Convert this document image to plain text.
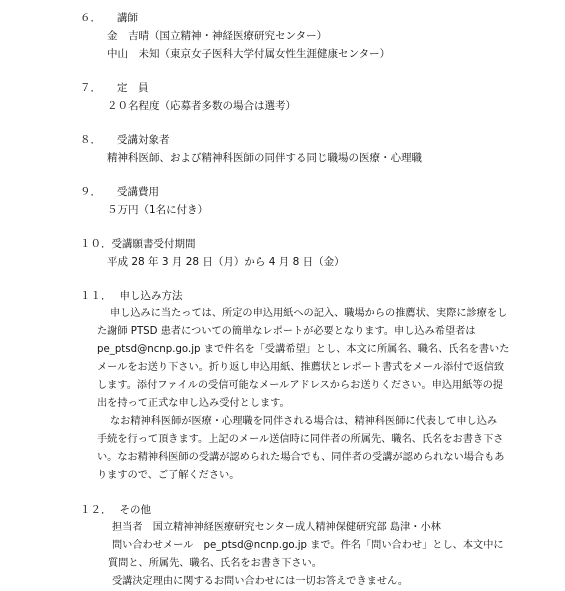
６． 講師
金　吉晴（国立精神・神経医療研究センター）
中山　未知（東京女子医科大学付属女性生涯健康センター）
７． 定　員
２０名程度（応募者多数の場合は選考）
８． 受講対象者
精神科医師、および精神科医師の同伴する同じ職場の医療・心理職
９． 受講費用
５万円（1名に付き）
１０．受講願書受付期間
平成 28 年 3 月 28 日（月）から 4 月 8 日（金）
１１． 申し込み方法
申し込みに当たっては、所定の申込用紙への記入、職場からの推薦状、実際に診療をし
た謝師 PTSD 患者についての簡単なレポートが必要となります。申し込み希望者は
pe_ptsd@ncnp.go.jp まで件名を「受講希望」とし、本文に所属名、職名、氏名を書いた
メールをお送り下さい。折り返し申込用紙、推薦状とレポート書式をメール添付で返信致
します。添付ファイルの受信可能なメールアドレスからお送りください。申込用紙等の提
出を持って正式な申し込み受付とします。
なお精神科医師が医療・心理職を同伴される場合は、精神科医師に代表して申し込み
手続を行って頂きます。上記のメール送信時に同伴者の所属先、職名、氏名をお書き下さ
い。なお精神科医師の受講が認められた場合でも、同伴者の受講が認められない場合もあ
りますので、ご了解ください。
１２． その他
担当者　国立精神神経医療研究センター成人精神保健研究部 島津・小林
問い合わせメール　pe_ptsd@ncnp.go.jp まで。件名「問い合わせ」とし、本文中に
質問と、所属先、職名、氏名をお書き下さい。
受講決定理由に関するお問い合わせには一切お答えできません。
